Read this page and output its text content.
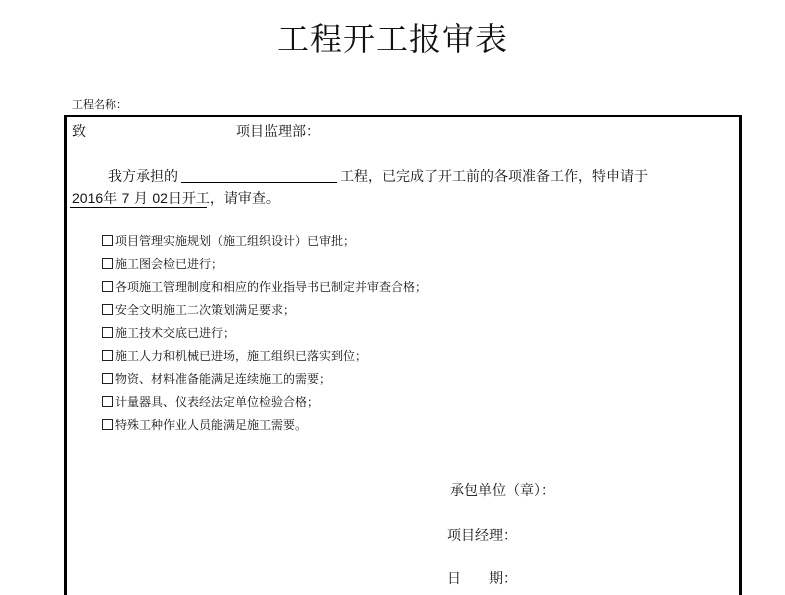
工程开工报审表
工程名称：
致	项目监理部：
我方承担的	工程，已完成了开工前的各项准备工作，特申请于
2016年 7 月 02日开工，请审查。
项目管理实施规划（施工组织设计）已审批；
施工图会检已进行；
各项施工管理制度和相应的作业指导书已制定并审查合格；
安全文明施工二次策划满足要求；
施工技术交底已进行；
施工人力和机械已进场，施工组织已落实到位；
物资、材料准备能满足连续施工的需要；
计量器具、仪表经法定单位检验合格；
特殊工种作业人员能满足施工需要。
承包单位（章）：
项目经理：
日　　期：
